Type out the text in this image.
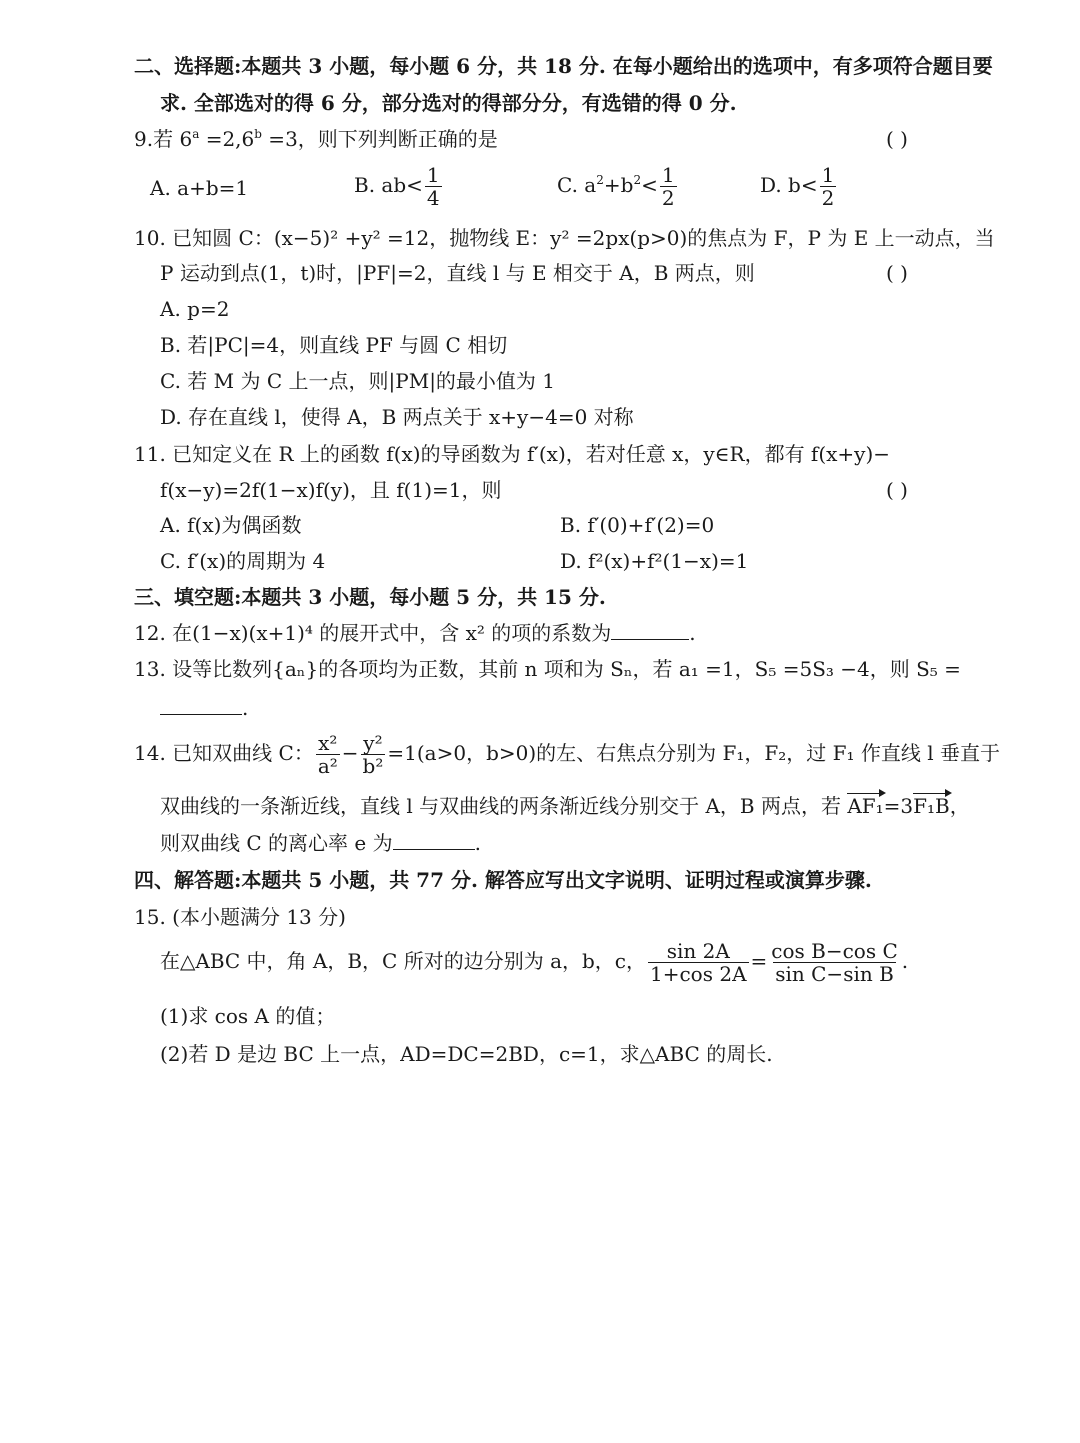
二、选择题:本题共 3 小题，每小题 6 分，共 18 分. 在每小题给出的选项中，有多项符合题目要
求. 全部选对的得 6 分，部分选对的得部分分，有选错的得 0 分.
9.若 $6^a =2,6^b =3$，则下列判断正确的是	( )
A. a+b=1	B. $ab< \frac{1}{4}$	C. $a^2+b^2< \frac{1}{2}$	D. $b< \frac{1}{2}$
10. 已知圆 C：(x−5)² +y² =12，抛物线 E：y² =2px(p>0)的焦点为 F，P 为 E 上一动点，当
P 运动到点(1，t)时，|PF|=2，直线 l 与 E 相交于 A，B 两点，则	( )
A. p=2
B. 若|PC|=4，则直线 PF 与圆 C 相切
C. 若 M 为 C 上一点，则|PM|的最小值为 1
D. 存在直线 l，使得 A，B 两点关于 x+y−4=0 对称
11. 已知定义在 R 上的函数 f(x)的导函数为 f′(x)，若对任意 x，y∈R，都有 f(x+y)−
f(x−y)=2f(1−x)f(y)，且 f(1)=1，则	( )
A. f(x)为偶函数	B. f′(0)+f′(2)=0
C. f′(x)的周期为 4	D. f²(x)+f²(1−x)=1
三、填空题:本题共 3 小题，每小题 5 分，共 15 分.
12. 在(1−x)(x+1)⁴ 的展开式中，含 x² 的项的系数为	.
13. 设等比数列{aₙ}的各项均为正数，其前 n 项和为 Sₙ，若 a₁ =1，S₅ =5S₃ −4，则 S₅ =
.
14. 已知双曲线 C： $\frac{\text{x²}}{\text{a²}} - \frac{\text{y²}}{\text{b²}} =1(a>0$，b>0)的左、右焦点分别为 F₁，F₂，过 F₁ 作直线 l 垂直于
双曲线的一条渐近线，直线 l 与双曲线的两条渐近线分别交于 A，B 两点，若 AF₁=3F₁B，
则双曲线 C 的离心率 e 为	.
四、解答题:本题共 5 小题，共 77 分. 解答应写出文字说明、证明过程或演算步骤.
15. (本小题满分 13 分)
在△ABC 中，角 A，B，C 所对的边分别为 a，b，c， $\frac{\sin 2A}{1+\cos 2A} = \frac{\text{cos B−cos C}}{\text{sin C−sin B}}$ .
(1)求 cos A 的值；
(2)若 D 是边 BC 上一点，AD=DC=2BD，c=1，求△ABC 的周长.
